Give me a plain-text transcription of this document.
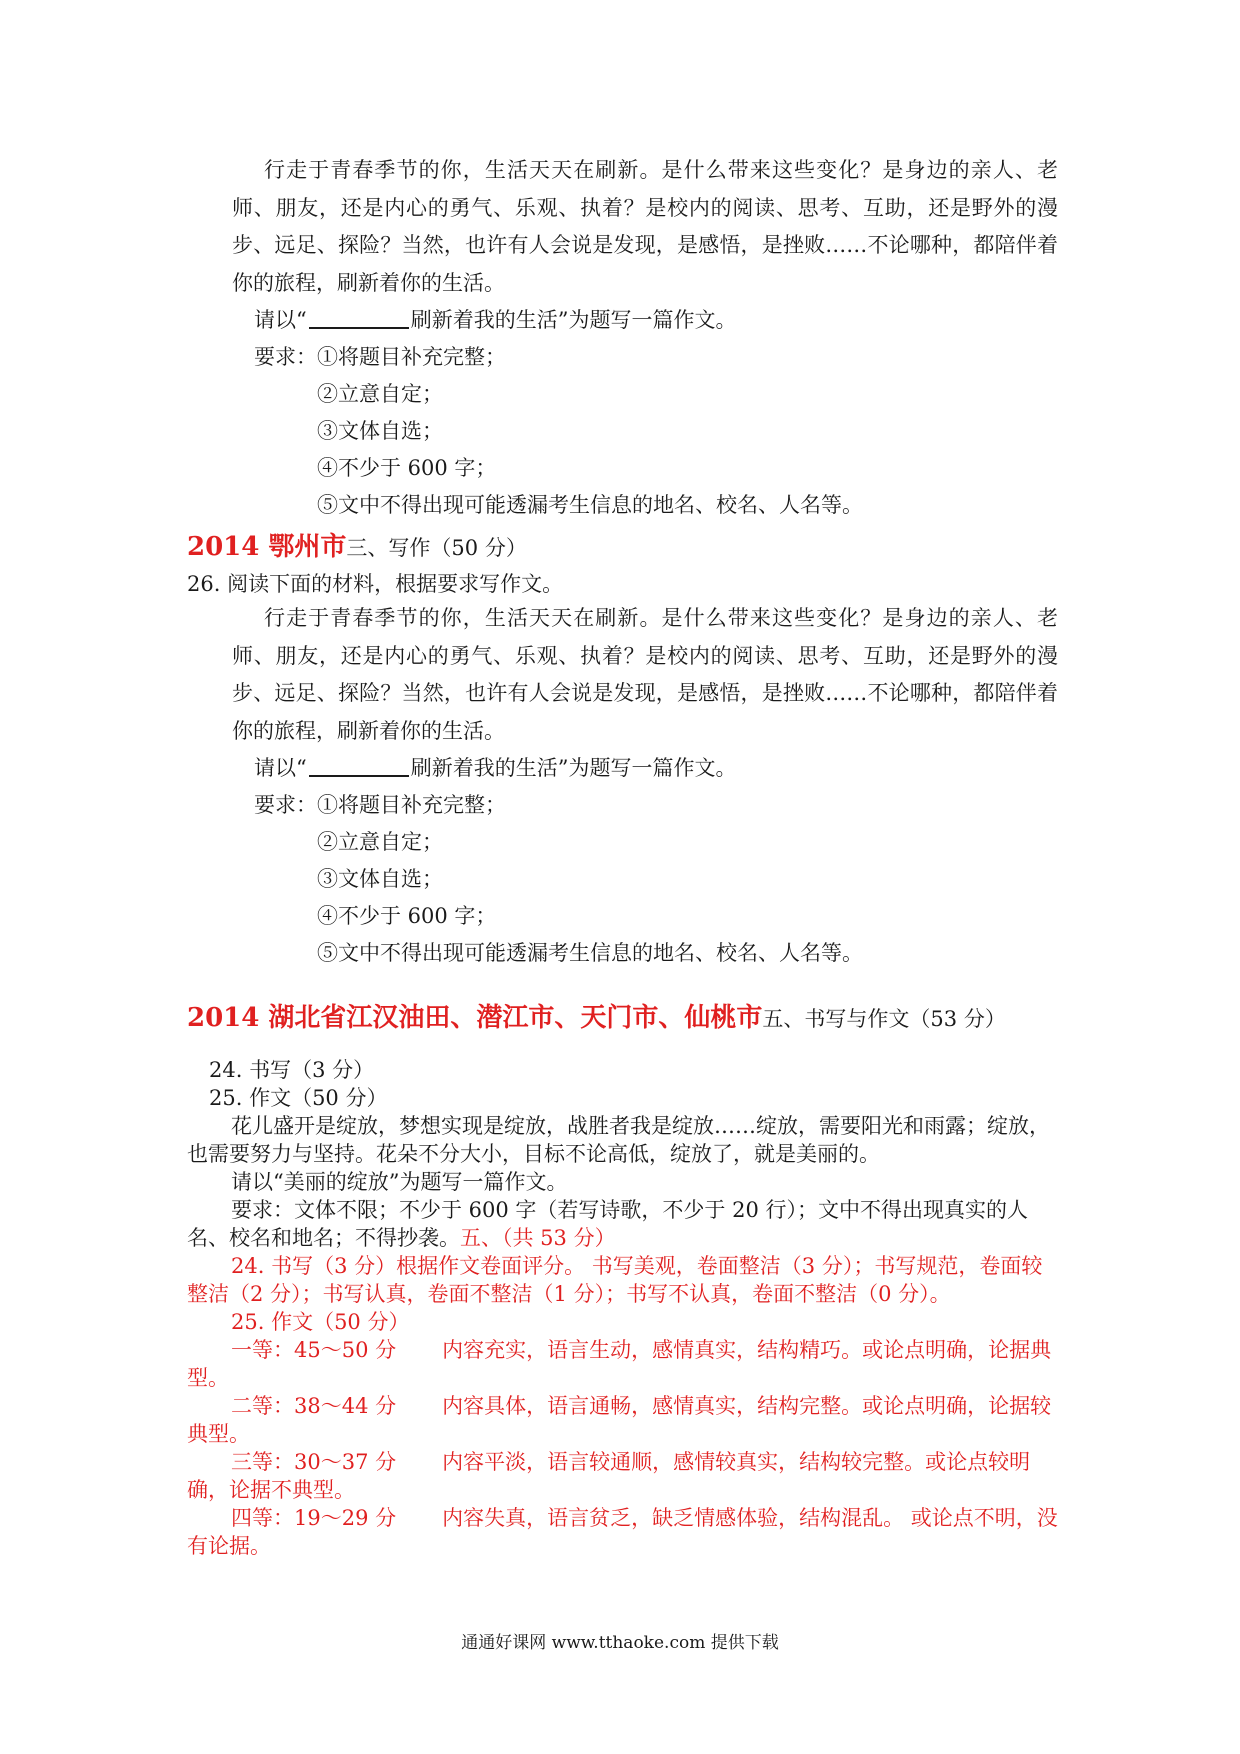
行走于青春季节的你，生活天天在刷新。是什么带来这些变化？是身边的亲人、老师、朋友，还是内心的勇气、乐观、执着？是校内的阅读、思考、互助，还是野外的漫步、远足、探险？当然，也许有人会说是发现，是感悟，是挫败……不论哪种，都陪伴着你的旅程，刷新着你的生活。
请以“	刷新着我的生活”为题写一篇作文。
要求：①将题目补充完整；
②立意自定；
③文体自选；
④不少于 600 字；
⑤文中不得出现可能透漏考生信息的地名、校名、人名等。
2014 鄂州市三、写作（50 分）
26. 阅读下面的材料，根据要求写作文。
行走于青春季节的你，生活天天在刷新。是什么带来这些变化？是身边的亲人、老师、朋友，还是内心的勇气、乐观、执着？是校内的阅读、思考、互助，还是野外的漫步、远足、探险？当然，也许有人会说是发现，是感悟，是挫败……不论哪种，都陪伴着你的旅程，刷新着你的生活。
请以“	刷新着我的生活”为题写一篇作文。
要求：①将题目补充完整；
②立意自定；
③文体自选；
④不少于 600 字；
⑤文中不得出现可能透漏考生信息的地名、校名、人名等。
2014 湖北省江汉油田、潜江市、天门市、仙桃市五、书写与作文（53 分）
24. 书写（3 分）
25. 作文（50 分）
花儿盛开是绽放，梦想实现是绽放，战胜者我是绽放……绽放，需要阳光和雨露；绽放，也需要努力与坚持。花朵不分大小，目标不论高低，绽放了，就是美丽的。
请以“美丽的绽放”为题写一篇作文。
要求：文体不限；不少于 600 字（若写诗歌，不少于 20 行）；文中不得出现真实的人名、校名和地名；不得抄袭。五、（共 53 分）
24. 书写（3 分）根据作文卷面评分。 书写美观，卷面整洁（3 分）；书写规范，卷面较整洁（2 分）；书写认真，卷面不整洁（1 分）；书写不认真，卷面不整洁（0 分）。
25. 作文（50 分）
一等：45～50 分 内容充实，语言生动，感情真实，结构精巧。或论点明确，论据典型。
二等：38～44 分 内容具体，语言通畅，感情真实，结构完整。或论点明确，论据较典型。
三等：30～37 分 内容平淡，语言较通顺，感情较真实，结构较完整。或论点较明确，论据不典型。
四等：19～29 分 内容失真，语言贫乏，缺乏情感体验，结构混乱。 或论点不明，没有论据。
通通好课网 www.tthaoke.com 提供下载
